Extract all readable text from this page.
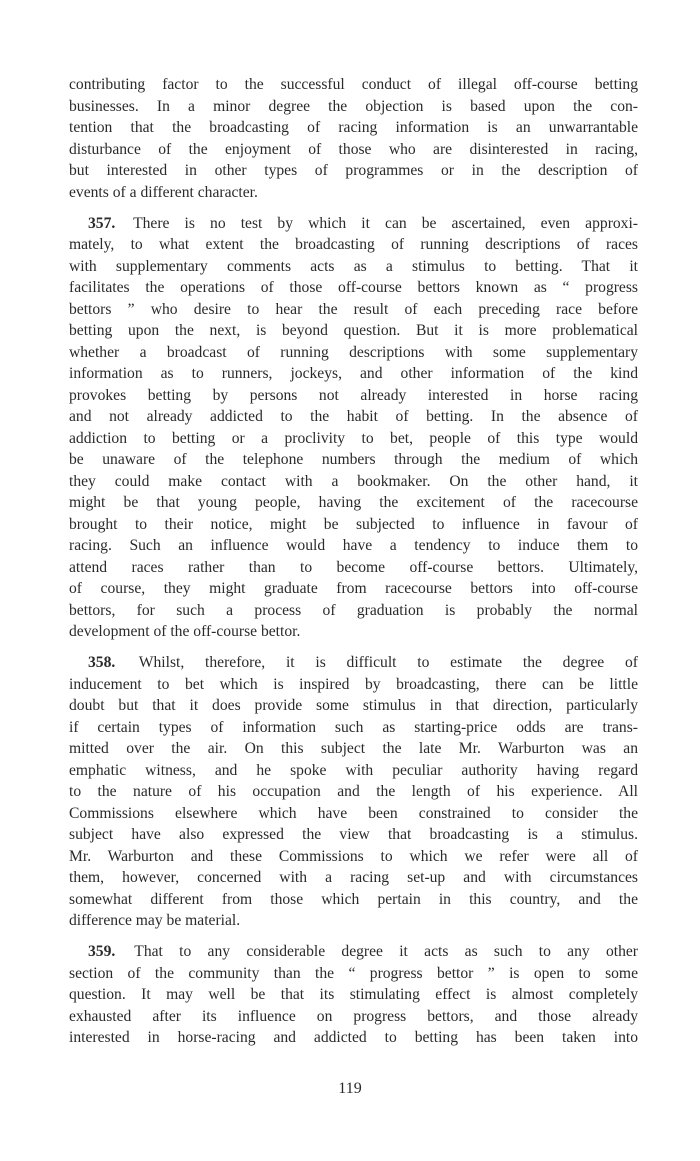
contributing factor to the successful conduct of illegal off-course betting
businesses. In a minor degree the objection is based upon the con-
tention that the broadcasting of racing information is an unwarrantable
disturbance of the enjoyment of those who are disinterested in racing,
but interested in other types of programmes or in the description of
events of a different character.

357. There is no test by which it can be ascertained, even approxi-
mately, to what extent the broadcasting of running descriptions of races
with supplementary comments acts as a stimulus to betting. That it
facilitates the operations of those off-course bettors known as “ progress
bettors ” who desire to hear the result of each preceding race before
betting upon the next, is beyond question. But it is more problematical
whether a broadcast of running descriptions with some supplementary
information as to runners, jockeys, and other information of the kind
provokes betting by persons not already interested in horse racing
and not already addicted to the habit of betting. In the absence of
addiction to betting or a proclivity to bet, people of this type would
be unaware of the telephone numbers through the medium of which
they could make contact with a bookmaker. On the other hand, it
might be that young people, having the excitement of the racecourse
brought to their notice, might be subjected to influence in favour of
racing. Such an influence would have a tendency to induce them to
attend races rather than to become off-course bettors. Ultimately,
of course, they might graduate from racecourse bettors into off-course
bettors, for such a process of graduation is probably the normal
development of the off-course bettor.

358. Whilst, therefore, it is difficult to estimate the degree of
inducement to bet which is inspired by broadcasting, there can be little
doubt but that it does provide some stimulus in that direction, particularly
if certain types of information such as starting-price odds are trans-
mitted over the air. On this subject the late Mr. Warburton was an
emphatic witness, and he spoke with peculiar authority having regard
to the nature of his occupation and the length of his experience. All
Commissions elsewhere which have been constrained to consider the
subject have also expressed the view that broadcasting is a stimulus.
Mr. Warburton and these Commissions to which we refer were all of
them, however, concerned with a racing set-up and with circumstances
somewhat different from those which pertain in this country, and the
difference may be material.

359. That to any considerable degree it acts as such to any other
section of the community than the “ progress bettor ” is open to some
question. It may well be that its stimulating effect is almost completely
exhausted after its influence on progress bettors, and those already
interested in horse-racing and addicted to betting has been taken into

119
